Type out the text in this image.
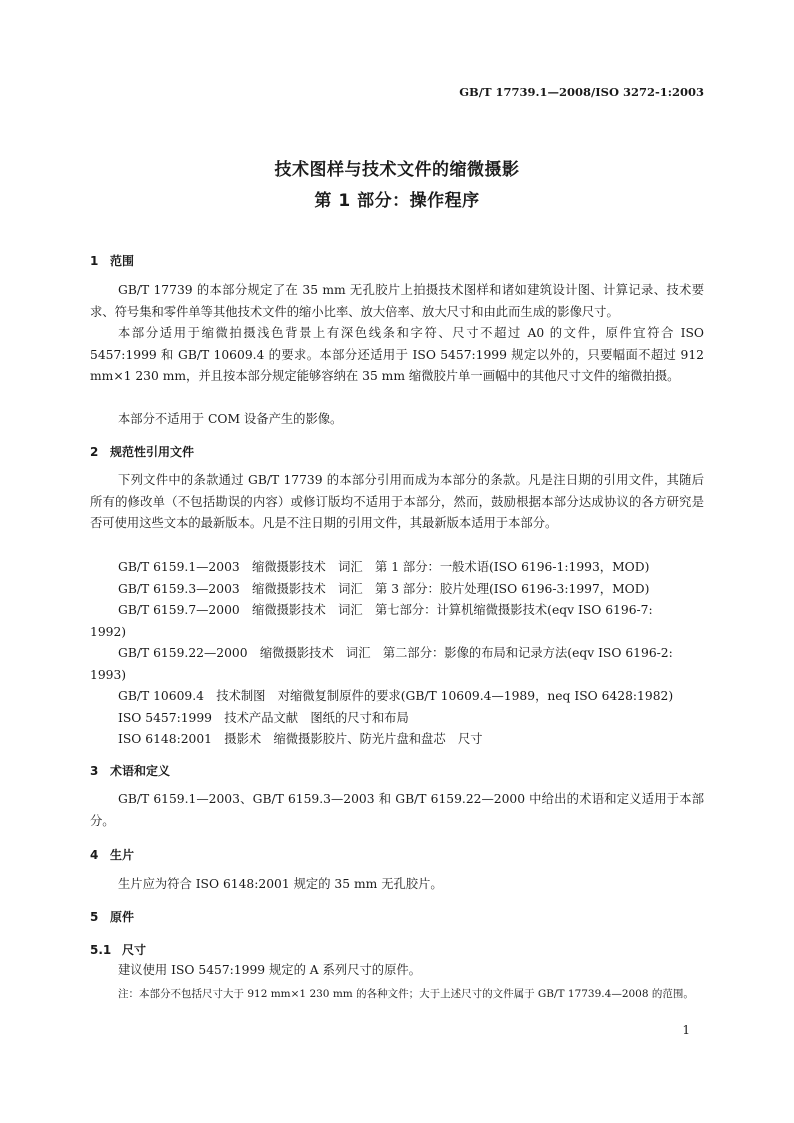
GB/T 17739.1—2008/ISO 3272-1:2003
技术图样与技术文件的缩微摄影
第 1 部分：操作程序
1 范围
GB/T 17739 的本部分规定了在 35 mm 无孔胶片上拍摄技术图样和诸如建筑设计图、计算记录、技术要求、符号集和零件单等其他技术文件的缩小比率、放大倍率、放大尺寸和由此而生成的影像尺寸。
本部分适用于缩微拍摄浅色背景上有深色线条和字符、尺寸不超过 A0 的文件，原件宜符合 ISO 5457:1999 和 GB/T 10609.4 的要求。本部分还适用于 ISO 5457:1999 规定以外的，只要幅面不超过 912 mm×1 230 mm，并且按本部分规定能够容纳在 35 mm 缩微胶片单一画幅中的其他尺寸文件的缩微拍摄。
本部分不适用于 COM 设备产生的影像。
2 规范性引用文件
下列文件中的条款通过 GB/T 17739 的本部分引用而成为本部分的条款。凡是注日期的引用文件，其随后所有的修改单（不包括勘误的内容）或修订版均不适用于本部分，然而，鼓励根据本部分达成协议的各方研究是否可使用这些文本的最新版本。凡是不注日期的引用文件，其最新版本适用于本部分。
GB/T 6159.1—2003　缩微摄影技术　词汇　第 1 部分：一般术语(ISO 6196-1:1993，MOD)
GB/T 6159.3—2003　缩微摄影技术　词汇　第 3 部分：胶片处理(ISO 6196-3:1997，MOD)
GB/T 6159.7—2000　缩微摄影技术　词汇　第七部分：计算机缩微摄影技术(eqv ISO 6196-7:
1992)
GB/T 6159.22—2000　缩微摄影技术　词汇　第二部分：影像的布局和记录方法(eqv ISO 6196-2:
1993)
GB/T 10609.4　技术制图　对缩微复制原件的要求(GB/T 10609.4—1989，neq ISO 6428:1982)
ISO 5457:1999　技术产品文献　图纸的尺寸和布局
ISO 6148:2001　摄影术　缩微摄影胶片、防光片盘和盘芯　尺寸
3 术语和定义
GB/T 6159.1—2003、GB/T 6159.3—2003 和 GB/T 6159.22—2000 中给出的术语和定义适用于本部分。
4 生片
生片应为符合 ISO 6148:2001 规定的 35 mm 无孔胶片。
5 原件
5.1 尺寸
建议使用 ISO 5457:1999 规定的 A 系列尺寸的原件。
注：本部分不包括尺寸大于 912 mm×1 230 mm 的各种文件；大于上述尺寸的文件属于 GB/T 17739.4—2008 的范围。
1
